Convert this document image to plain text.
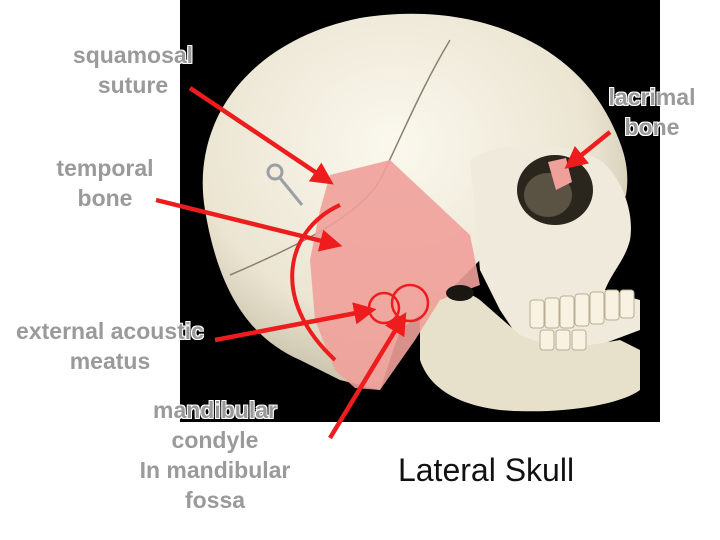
squamosal
suture
temporal
bone
external acoustic
meatus
mandibular
condyle
In mandibular
fossa
lacrimal
bone
Lateral Skull
